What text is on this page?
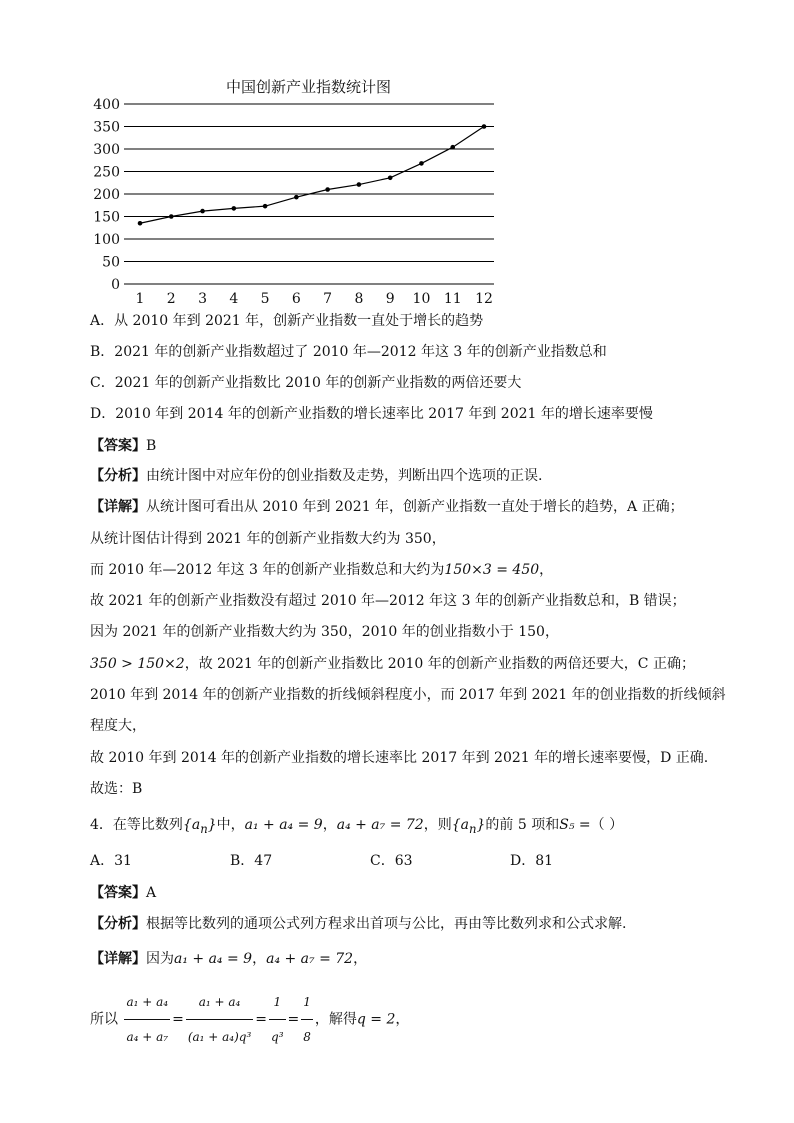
0
50
100
150
200
250
300
350
400
1 2 3 4 5 6 7 8 9 10 11 12
中国创新产业指数统计图
A．从 2010 年到 2021 年，创新产业指数一直处于增长的趋势
B．2021 年的创新产业指数超过了 2010 年—2012 年这 3 年的创新产业指数总和
C．2021 年的创新产业指数比 2010 年的创新产业指数的两倍还要大
D．2010 年到 2014 年的创新产业指数的增长速率比 2017 年到 2021 年的增长速率要慢
【答案】B
【分析】由统计图中对应年份的创业指数及走势，判断出四个选项的正误.
【详解】从统计图可看出从 2010 年到 2021 年，创新产业指数一直处于增长的趋势，A 正确；
从统计图估计得到 2021 年的创新产业指数大约为 350，
而 2010 年—2012 年这 3 年的创新产业指数总和大约为150×3 = 450，
故 2021 年的创新产业指数没有超过 2010 年—2012 年这 3 年的创新产业指数总和，B 错误；
因为 2021 年的创新产业指数大约为 350，2010 年的创业指数小于 150，
350 > 150×2，故 2021 年的创新产业指数比 2010 年的创新产业指数的两倍还要大，C 正确；
2010 年到 2014 年的创新产业指数的折线倾斜程度小，而 2017 年到 2021 年的创业指数的折线倾斜
程度大，
故 2010 年到 2014 年的创新产业指数的增长速率比 2017 年到 2021 年的增长速率要慢，D 正确.
故选：B
4．在等比数列$\{a_n\}$中，a₁ + a₄ = 9，a₄ + a₇ = 72，则$\{a_n\}$的前 5 项和S₅ =（ ）
A．31	B．47	C．63	D．81
【答案】A
【分析】根据等比数列的通项公式列方程求出首项与公比，再由等比数列求和公式求解.
【详解】因为a₁ + a₄ = 9，a₄ + a₇ = 72，
所以 $\frac{\text{a₁ + a₄}}{\text{a₄ + a₇}} = \frac{\text{a₁ + a₄}}{\text{(a₁ + a₄)q³}} = \frac{1}{\text{q³}} = \frac{1}{8}$ ，解得q = 2，
